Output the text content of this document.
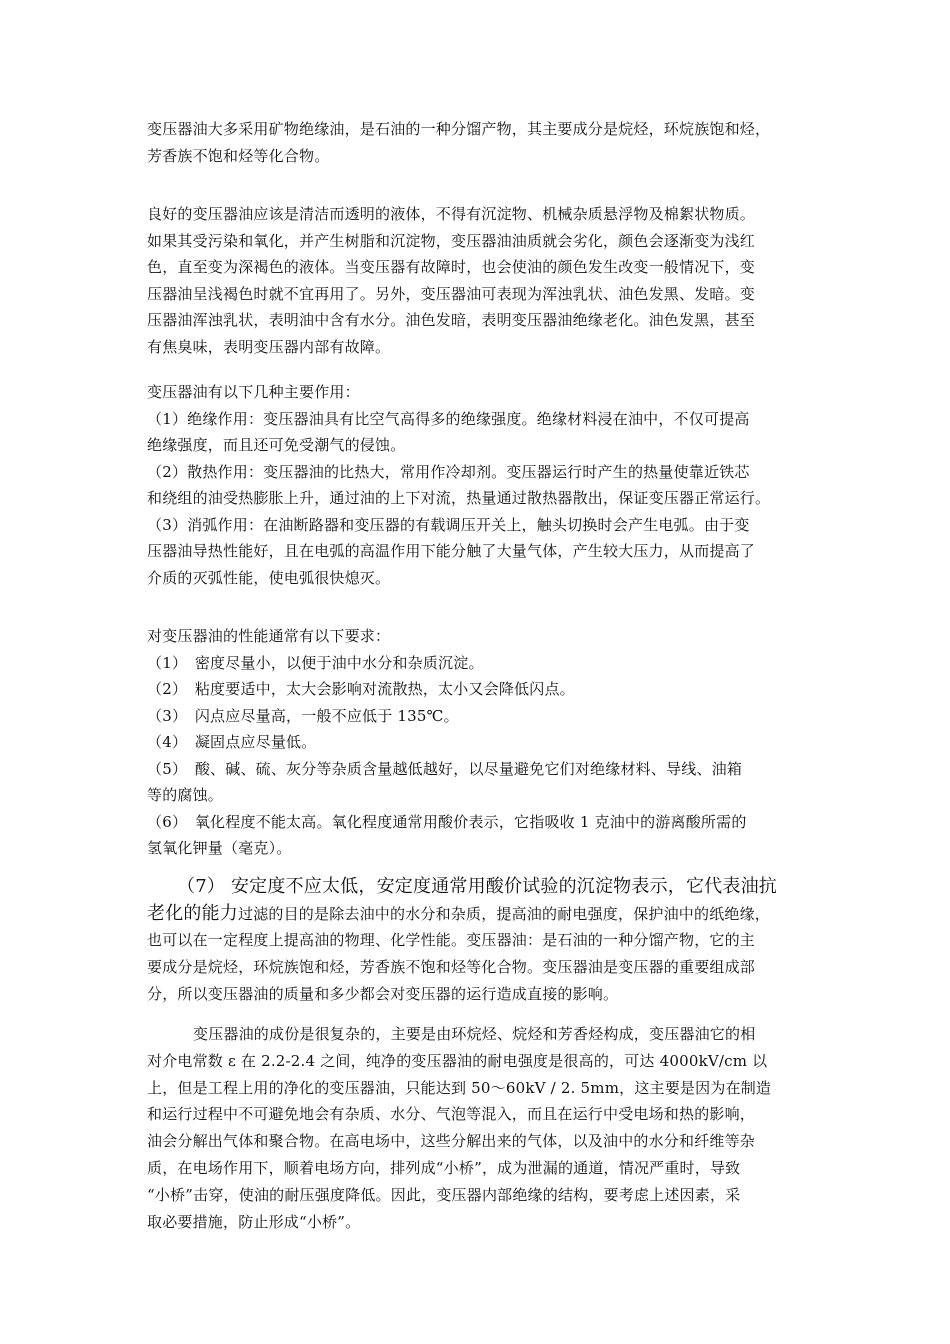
变压器油大多采用矿物绝缘油，是石油的一种分馏产物，其主要成分是烷烃，环烷族饱和烃，
芳香族不饱和烃等化合物。
良好的变压器油应该是清洁而透明的液体，不得有沉淀物、机械杂质悬浮物及棉絮状物质。
如果其受污染和氧化，并产生树脂和沉淀物，变压器油油质就会劣化，颜色会逐渐变为浅红
色，直至变为深褐色的液体。当变压器有故障时，也会使油的颜色发生改变一般情况下，变
压器油呈浅褐色时就不宜再用了。另外，变压器油可表现为浑浊乳状、油色发黑、发暗。变
压器油浑浊乳状，表明油中含有水分。油色发暗，表明变压器油绝缘老化。油色发黑，甚至
有焦臭味，表明变压器内部有故障。
变压器油有以下几种主要作用：
（1）绝缘作用：变压器油具有比空气高得多的绝缘强度。绝缘材料浸在油中，不仅可提高
绝缘强度，而且还可免受潮气的侵蚀。
（2）散热作用：变压器油的比热大，常用作冷却剂。变压器运行时产生的热量使靠近铁芯
和绕组的油受热膨胀上升，通过油的上下对流，热量通过散热器散出，保证变压器正常运行。
（3）消弧作用：在油断路器和变压器的有载调压开关上，触头切换时会产生电弧。由于变
压器油导热性能好，且在电弧的高温作用下能分触了大量气体，产生较大压力，从而提高了
介质的灭弧性能，使电弧很快熄灭。
对变压器油的性能通常有以下要求：
（1）　密度尽量小，以便于油中水分和杂质沉淀。
（2）　粘度要适中，太大会影响对流散热，太小又会降低闪点。
（3）　闪点应尽量高，一般不应低于 135℃。
（4）　凝固点应尽量低。
（5）　酸、碱、硫、灰分等杂质含量越低越好，以尽量避免它们对绝缘材料、导线、油箱
等的腐蚀。
（6）　氧化程度不能太高。氧化程度通常用酸价表示，它指吸收 1 克油中的游离酸所需的
氢氧化钾量（毫克）。
（7） 安定度不应太低，安定度通常用酸价试验的沉淀物表示，它代表油抗
老化的能力过滤的目的是除去油中的水分和杂质，提高油的耐电强度，保护油中的纸绝缘，
也可以在一定程度上提高油的物理、化学性能。变压器油：是石油的一种分馏产物，它的主
要成分是烷烃，环烷族饱和烃，芳香族不饱和烃等化合物。变压器油是变压器的重要组成部
分，所以变压器油的质量和多少都会对变压器的运行造成直接的影响。
变压器油的成份是很复杂的，主要是由环烷烃、烷烃和芳香烃构成，变压器油它的相
对介电常数 ε 在 2.2-2.4 之间，纯净的变压器油的耐电强度是很高的，可达 4000kV/cm 以
上，但是工程上用的净化的变压器油，只能达到 50～60kV / 2. 5mm，这主要是因为在制造
和运行过程中不可避免地会有杂质、水分、气泡等混入，而且在运行中受电场和热的影响，
油会分解出气体和聚合物。在高电场中，这些分解出来的气体，以及油中的水分和纤维等杂
质，在电场作用下，顺着电场方向，排列成“小桥”，成为泄漏的通道，情况严重时，导致
“小桥”击穿，使油的耐压强度降低。因此，变压器内部绝缘的结构，要考虑上述因素，采
取必要措施，防止形成“小桥”。
